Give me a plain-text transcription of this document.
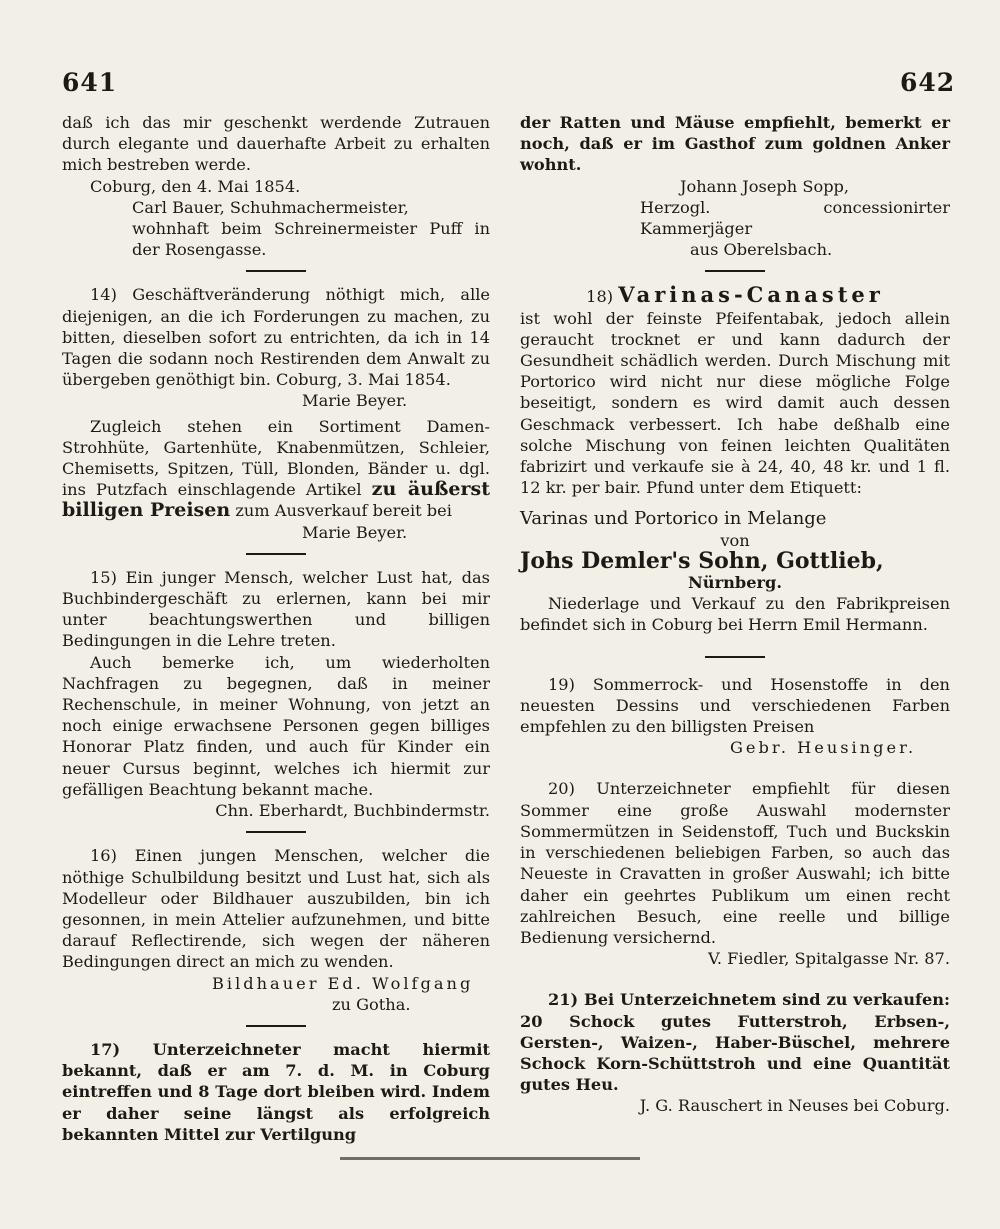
641	642

daß ich das mir geschenkt werdende Zutrauen durch elegante und dauerhafte Arbeit zu erhalten mich bestreben werde.

Coburg, den 4. Mai 1854.

Carl Bauer, Schuhmachermeister,

wohnhaft beim Schreinermeister Puff in der Rosengasse.

14) Geschäftveränderung nöthigt mich, alle diejenigen, an die ich Forderungen zu machen, zu bitten, dieselben sofort zu entrichten, da ich in 14 Tagen die sodann noch Restirenden dem Anwalt zu übergeben genöthigt bin. Coburg, 3. Mai 1854.

Marie Beyer.

Zugleich stehen ein Sortiment Damen-Strohhüte, Gartenhüte, Knabenmützen, Schleier, Chemisetts, Spitzen, Tüll, Blonden, Bänder u. dgl. ins Putzfach einschlagende Artikel zu äußerst billigen Preisen zum Ausverkauf bereit bei

Marie Beyer.

15) Ein junger Mensch, welcher Lust hat, das Buchbindergeschäft zu erlernen, kann bei mir unter beachtungswerthen und billigen Bedingungen in die Lehre treten.

Auch bemerke ich, um wiederholten Nachfragen zu begegnen, daß in meiner Rechenschule, in meiner Wohnung, von jetzt an noch einige erwachsene Personen gegen billiges Honorar Platz finden, und auch für Kinder ein neuer Cursus beginnt, welches ich hiermit zur gefälligen Beachtung bekannt mache.

Chn. Eberhardt, Buchbindermstr.

16) Einen jungen Menschen, welcher die nöthige Schulbildung besitzt und Lust hat, sich als Modelleur oder Bildhauer auszubilden, bin ich gesonnen, in mein Attelier aufzunehmen, und bitte darauf Reflectirende, sich wegen der näheren Bedingungen direct an mich zu wenden.

Bildhauer Ed. Wolfgang

zu Gotha.

17) Unterzeichneter macht hiermit bekannt, daß er am 7. d. M. in Coburg eintreffen und 8 Tage dort bleiben wird. Indem er daher seine längst als erfolgreich bekannten Mittel zur Vertilgung

der Ratten und Mäuse empfiehlt, bemerkt er noch, daß er im Gasthof zum goldnen Anker wohnt.

Johann Joseph Sopp,

Herzogl. concessionirter Kammerjäger

aus Oberelsbach.

18) Varinas-Canaster

ist wohl der feinste Pfeifentabak, jedoch allein geraucht trocknet er und kann dadurch der Gesundheit schädlich werden. Durch Mischung mit Portorico wird nicht nur diese mögliche Folge beseitigt, sondern es wird damit auch dessen Geschmack verbessert. Ich habe deßhalb eine solche Mischung von feinen leichten Qualitäten fabrizirt und verkaufe sie à 24, 40, 48 kr. und 1 fl. 12 kr. per bair. Pfund unter dem Etiquett:

Varinas und Portorico in Melange

von

Johs Demler's Sohn, Gottlieb,

Nürnberg.

Niederlage und Verkauf zu den Fabrikpreisen befindet sich in Coburg bei Herrn Emil Hermann.

19) Sommerrock- und Hosenstoffe in den neuesten Dessins und verschiedenen Farben empfehlen zu den billigsten Preisen

Gebr. Heusinger.

20) Unterzeichneter empfiehlt für diesen Sommer eine große Auswahl modernster Sommermützen in Seidenstoff, Tuch und Buckskin in verschiedenen beliebigen Farben, so auch das Neueste in Cravatten in großer Auswahl; ich bitte daher ein geehrtes Publikum um einen recht zahlreichen Besuch, eine reelle und billige Bedienung versichernd.

V. Fiedler, Spitalgasse Nr. 87.

21) Bei Unterzeichnetem sind zu verkaufen: 20 Schock gutes Futterstroh, Erbsen-, Gersten-, Waizen-, Haber-Büschel, mehrere Schock Korn-Schüttstroh und eine Quantität gutes Heu.

J. G. Rauschert in Neuses bei Coburg.
